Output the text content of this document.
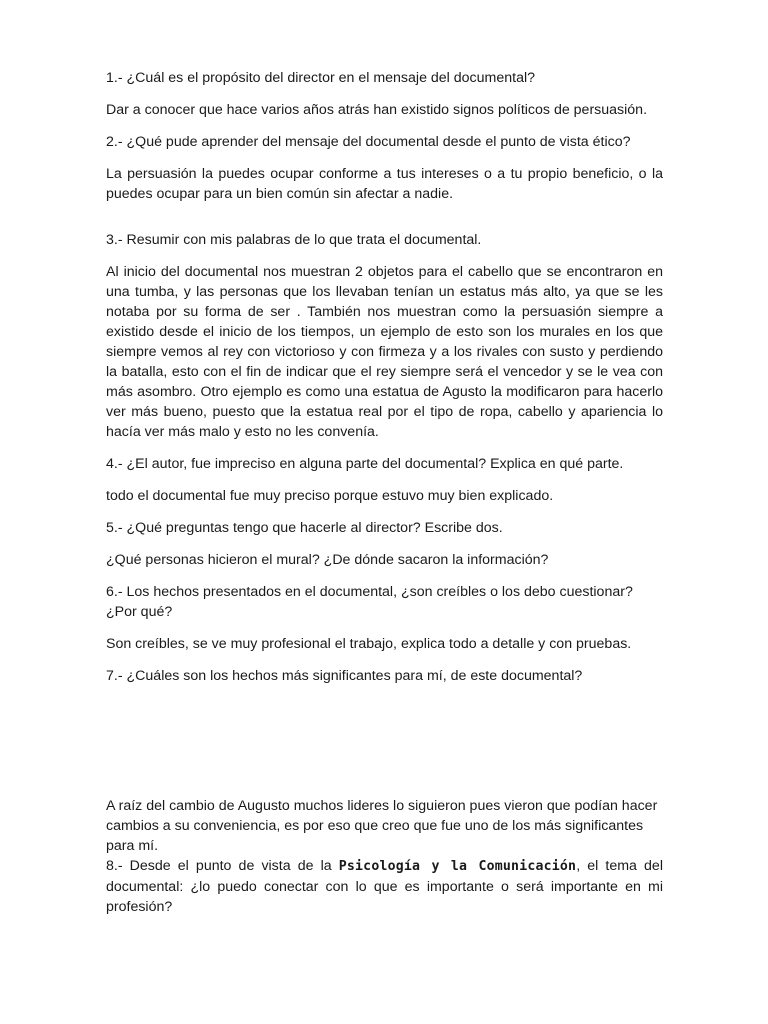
1.- ¿Cuál es el propósito del director en el mensaje del documental?

Dar a conocer que hace varios años atrás han existido signos políticos de persuasión.

2.- ¿Qué pude aprender del mensaje del documental desde el punto de vista ético?

La persuasión la puedes ocupar conforme a tus intereses o a tu propio beneficio, o la puedes ocupar para un bien común sin afectar a nadie.

3.- Resumir con mis palabras de lo que trata el documental.

Al inicio del documental nos muestran 2 objetos para el cabello que se encontraron en una tumba, y las personas que los llevaban tenían un estatus más alto, ya que se les notaba por su forma de ser . También nos muestran como la persuasión siempre a existido desde el inicio de los tiempos, un ejemplo de esto son los murales en los que siempre vemos al rey con victorioso y con firmeza y a los rivales con susto y perdiendo la batalla, esto con el fin de indicar que el rey siempre será el vencedor y se le vea con más asombro. Otro ejemplo es como una estatua de Agusto la modificaron para hacerlo ver más bueno, puesto que la estatua real por el tipo de ropa, cabello y apariencia lo hacía ver más malo y esto no les convenía.

4.- ¿El autor, fue impreciso en alguna parte del documental? Explica en qué parte.

todo el documental fue muy preciso porque estuvo muy bien explicado.

5.- ¿Qué preguntas tengo que hacerle al director? Escribe dos.

¿Qué personas hicieron el mural? ¿De dónde sacaron la información?

6.- Los hechos presentados en el documental, ¿son creíbles o los debo cuestionar? ¿Por qué?

Son creíbles, se ve muy profesional el trabajo, explica todo a detalle y con pruebas.

7.- ¿Cuáles son los hechos más significantes para mí, de este documental?

A raíz del cambio de Augusto muchos lideres lo siguieron pues vieron que podían hacer cambios a su conveniencia, es por eso que creo que fue uno de los más significantes para mí.

8.- Desde el punto de vista de la Psicología y la Comunicación, el tema del documental: ¿lo puedo conectar con lo que es importante o será importante en mi profesión?
